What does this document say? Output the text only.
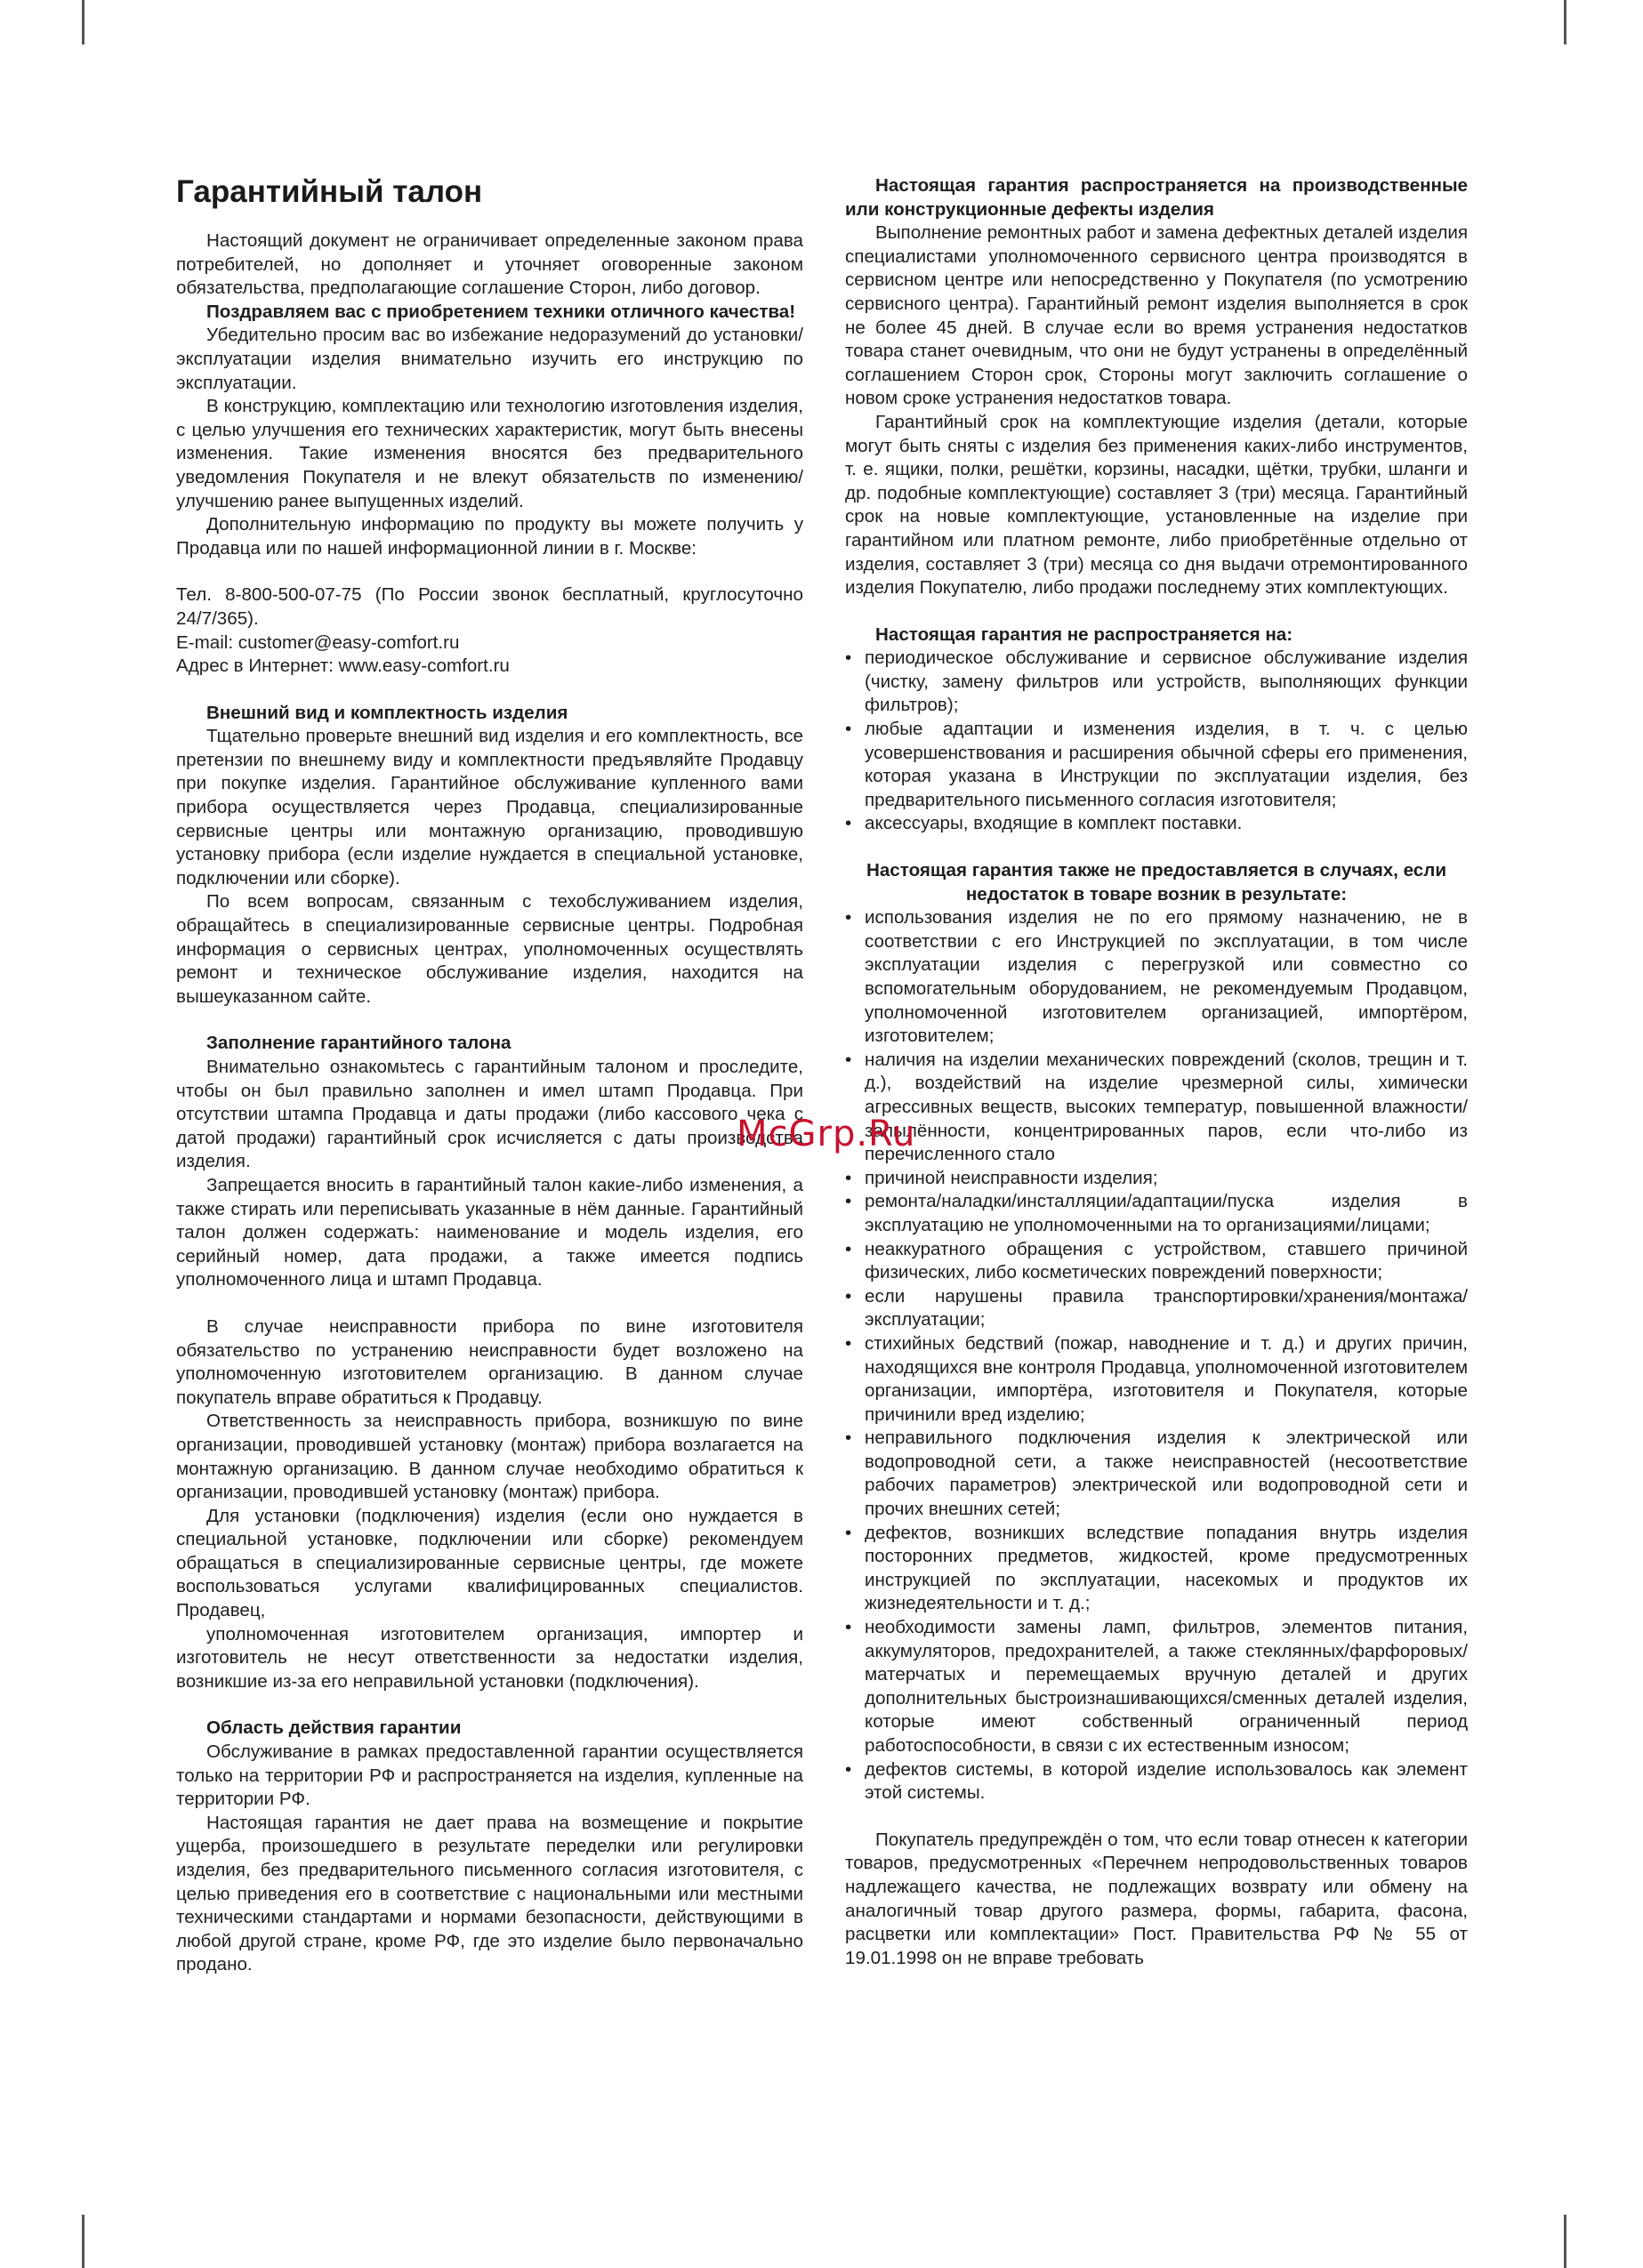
Гарантийный талон

Настоящий документ не ограничивает определенные законом права потребителей, но дополняет и уточняет оговоренные законом обязательства, предполагающие соглашение Сторон, либо договор.

Поздравляем вас с приобретением техники отличного качества!

Убедительно просим вас во избежание недоразумений до установки/эксплуатации изделия внимательно изучить его инструкцию по эксплуатации.

В конструкцию, комплектацию или технологию изготовления изделия, с целью улучшения его технических характеристик, могут быть внесены изменения. Такие изменения вносятся без предварительного уведомления Покупателя и не влекут обязательств по изменению/улучшению ранее выпущенных изделий.

Дополнительную информацию по продукту вы можете получить у Продавца или по нашей информационной линии в г. Москве:

Тел. 8-800-500-07-75 (По России звонок бесплатный, круглосуточно 24/7/365).

E-mail: customer@easy-comfort.ru

Адрес в Интернет: www.easy-comfort.ru

Внешний вид и комплектность изделия

Тщательно проверьте внешний вид изделия и его комплектность, все претензии по внешнему виду и комплектности предъявляйте Продавцу при покупке изделия. Гарантийное обслуживание купленного вами прибора осуществляется через Продавца, специализированные сервисные центры или монтажную организацию, проводившую установку прибора (если изделие нуждается в специальной установке, подключении или сборке).

По всем вопросам, связанным с техобслуживанием изделия, обращайтесь в специализированные сервисные центры. Подробная информация о сервисных центрах, уполномоченных осуществлять ремонт и техническое обслуживание изделия, находится на вышеуказанном сайте.

Заполнение гарантийного талона

Внимательно ознакомьтесь с гарантийным талоном и проследите, чтобы он был правильно заполнен и имел штамп Продавца. При отсутствии штампа Продавца и даты продажи (либо кассового чека с датой продажи) гарантийный срок исчисляется с даты производства изделия.

Запрещается вносить в гарантийный талон какие-либо изменения, а также стирать или переписывать указанные в нём данные. Гарантийный талон должен содержать: наименование и модель изделия, его серийный номер, дата продажи, а также имеется подпись уполномоченного лица и штамп Продавца.

В случае неисправности прибора по вине изготовителя обязательство по устранению неисправности будет возложено на уполномоченную изготовителем организацию. В данном случае покупатель вправе обратиться к Продавцу.

Ответственность за неисправность прибора, возникшую по вине организации, проводившей установку (монтаж) прибора возлагается на монтажную организацию. В данном случае необходимо обратиться к организации, проводившей установку (монтаж) прибора.

Для установки (подключения) изделия (если оно нуждается в специальной установке, подключении или сборке) рекомендуем обращаться в специализированные сервисные центры, где можете воспользоваться услугами квалифицированных специалистов. Продавец,

уполномоченная изготовителем организация, импортер и изготовитель не несут ответственности за недостатки изделия, возникшие из-за его неправильной установки (подключения).

Область действия гарантии

Обслуживание в рамках предоставленной гарантии осуществляется только на территории РФ и распространяется на изделия, купленные на территории РФ.

Настоящая гарантия не дает права на возмещение и покрытие ущерба, произошедшего в результате переделки или регулировки изделия, без предварительного письменного согласия изготовителя, с целью приведения его в соответствие с национальными или местными техническими стандартами и нормами безопасности, действующими в любой другой стране, кроме РФ, где это изделие было первоначально продано.

Настоящая гарантия распространяется на производственные или конструкционные дефекты изделия

Выполнение ремонтных работ и замена дефектных деталей изделия специалистами уполномоченного сервисного центра производятся в сервисном центре или непосредственно у Покупателя (по усмотрению сервисного центра). Гарантийный ремонт изделия выполняется в срок не более 45 дней. В случае если во время устранения недостатков товара станет очевидным, что они не будут устранены в определённый соглашением Сторон срок, Стороны могут заключить соглашение о новом сроке устранения недостатков товара.

Гарантийный срок на комплектующие изделия (детали, которые могут быть сняты с изделия без применения каких-либо инструментов, т. е. ящики, полки, решётки, корзины, насадки, щётки, трубки, шланги и др. подобные комплектующие) составляет 3 (три) месяца. Гарантийный срок на новые комплектующие, установленные на изделие при гарантийном или платном ремонте, либо приобретённые отдельно от изделия, составляет 3 (три) месяца со дня выдачи отремонтированного изделия Покупателю, либо продажи последнему этих комплектующих.

Настоящая гарантия не распространяется на:
• периодическое обслуживание и сервисное обслуживание изделия (чистку, замену фильтров или устройств, выполняющих функции фильтров);
• любые адаптации и изменения изделия, в т. ч. с целью усовершенствования и расширения обычной сферы его применения, которая указана в Инструкции по эксплуатации изделия, без предварительного письменного согласия изготовителя;
• аксессуары, входящие в комплект поставки.
Настоящая гарантия также не предоставляется в случаях, если недостаток в товаре возник в результате:
• использования изделия не по его прямому назначению, не в соответствии с его Инструкцией по эксплуатации, в том числе эксплуатации изделия с перегрузкой или совместно со вспомогательным оборудованием, не рекомендуемым Продавцом, уполномоченной изготовителем организацией, импортёром, изготовителем;
• наличия на изделии механических повреждений (сколов, трещин и т. д.), воздействий на изделие чрезмерной силы, химически агрессивных веществ, высоких температур, повышенной влажности/запылённости, концентрированных паров, если что-либо из перечисленного стало
• причиной неисправности изделия;
• ремонта/наладки/инсталляции/адаптации/пуска изделия в эксплуатацию не уполномоченными на то организациями/лицами;
• неаккуратного обращения с устройством, ставшего причиной физических, либо косметических повреждений поверхности;
• если нарушены правила транспортировки/хранения/монтажа/эксплуатации;
• стихийных бедствий (пожар, наводнение и т. д.) и других причин, находящихся вне контроля Продавца, уполномоченной изготовителем организации, импортёра, изготовителя и Покупателя, которые причинили вред изделию;
• неправильного подключения изделия к электрической или водопроводной сети, а также неисправностей (несоответствие рабочих параметров) электрической или водопроводной сети и прочих внешних сетей;
• дефектов, возникших вследствие попадания внутрь изделия посторонних предметов, жидкостей, кроме предусмотренных инструкцией по эксплуатации, насекомых и продуктов их жизнедеятельности и т. д.;
• необходимости замены ламп, фильтров, элементов питания, аккумуляторов, предохранителей, а также стеклянных/фарфоровых/матерчатых и перемещаемых вручную деталей и других дополнительных быстроизнашивающихся/сменных деталей изделия, которые имеют собственный ограниченный период работоспособности, в связи с их естественным износом;
• дефектов системы, в которой изделие использовалось как элемент этой системы.

Покупатель предупреждён о том, что если товар отнесен к категории товаров, предусмотренных «Перечнем непродовольственных товаров надлежащего качества, не подлежащих возврату или обмену на аналогичный товар другого размера, формы, габарита, фасона, расцветки или комплектации» Пост. Правительства РФ № 55 от 19.01.1998 он не вправе требовать

McGrp.Ru
